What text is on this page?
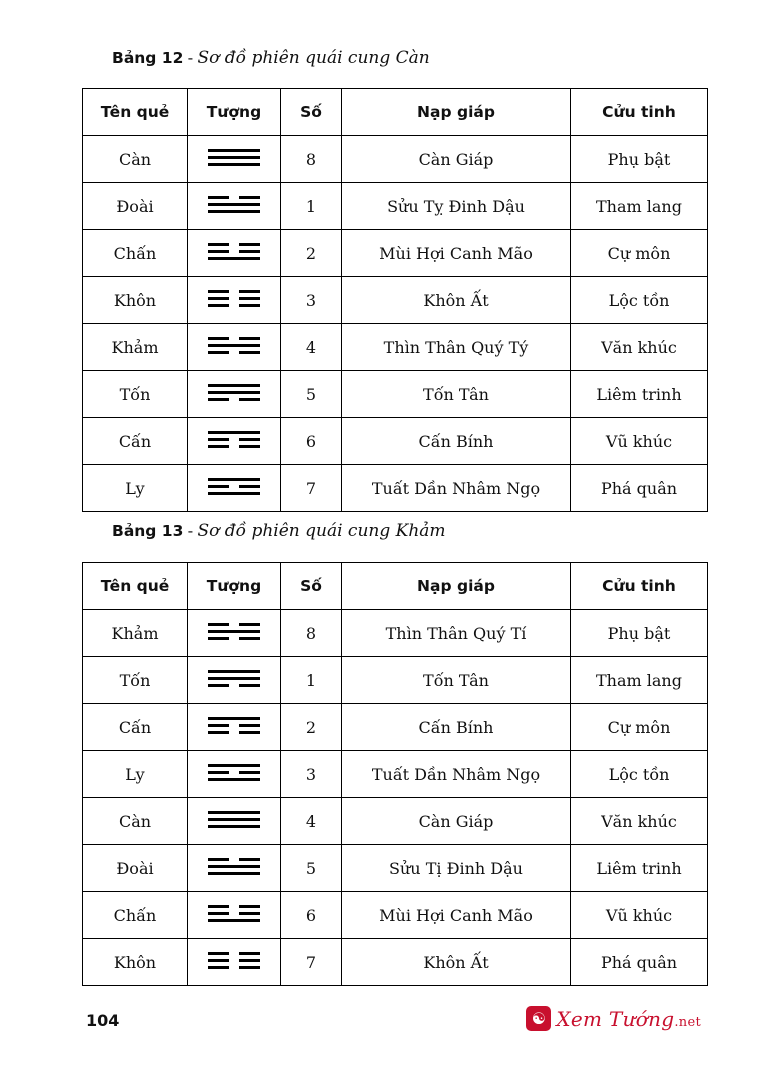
Bảng 12 - Sơ đồ phiên quái cung Càn
Tên quẻ	Tượng	Số	Nạp giáp	Cửu tinh
Càn		8	Càn Giáp	Phụ bật
Đoài		1	Sửu Tỵ Đinh Dậu	Tham lang
Chấn		2	Mùi Hợi Canh Mão	Cự môn
Khôn		3	Khôn Ất	Lộc tồn
Khảm		4	Thìn Thân Quý Tý	Văn khúc
Tốn		5	Tốn Tân	Liêm trinh
Cấn		6	Cấn Bính	Vũ khúc
Ly		7	Tuất Dần Nhâm Ngọ	Phá quân
Bảng 13 - Sơ đồ phiên quái cung Khảm
Tên quẻ	Tượng	Số	Nạp giáp	Cửu tinh
Khảm		8	Thìn Thân Quý Tí	Phụ bật
Tốn		1	Tốn Tân	Tham lang
Cấn		2	Cấn Bính	Cự môn
Ly		3	Tuất Dần Nhâm Ngọ	Lộc tồn
Càn		4	Càn Giáp	Văn khúc
Đoài		5	Sửu Tị Đinh Dậu	Liêm trinh
Chấn		6	Mùi Hợi Canh Mão	Vũ khúc
Khôn		7	Khôn Ất	Phá quân
104	☯ Xem Tướng.net
